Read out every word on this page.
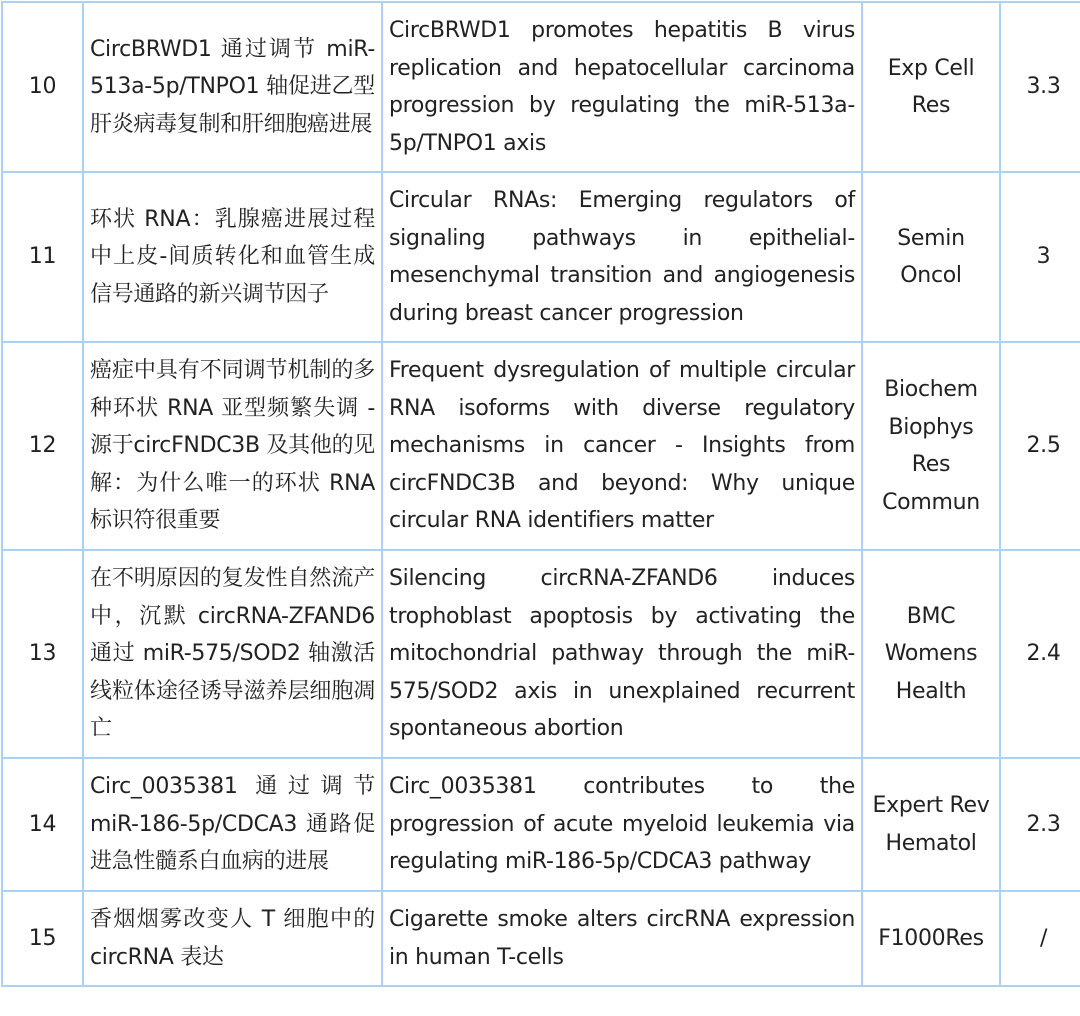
10	CircBRWD1 通过调节 miR-513a-5p/TNPO1 轴促进乙型肝炎病毒复制和肝细胞癌进展	CircBRWD1 promotes hepatitis B virus replication and hepatocellular carcinoma progression by regulating the miR-513a-5p/TNPO1 axis	Exp Cell Res	3.3
11	环状 RNA：乳腺癌进展过程中上皮-间质转化和血管生成信号通路的新兴调节因子	Circular RNAs: Emerging regulators of signaling pathways in epithelial-mesenchymal transition and angiogenesis during breast cancer progression	Semin Oncol	3
12	癌症中具有不同调节机制的多种环状 RNA 亚型频繁失调 - 源于circFNDC3B 及其他的见解：为什么唯一的环状 RNA 标识符很重要	Frequent dysregulation of multiple circular RNA isoforms with diverse regulatory mechanisms in cancer - Insights from circFNDC3B and beyond: Why unique circular RNA identifiers matter	Biochem Biophys Res Commun	2.5
13	在不明原因的复发性自然流产中，沉默 circRNA-ZFAND6 通过 miR-575/SOD2 轴激活线粒体途径诱导滋养层细胞凋亡	Silencing circRNA-ZFAND6 induces trophoblast apoptosis by activating the mitochondrial pathway through the miR-575/SOD2 axis in unexplained recurrent spontaneous abortion	BMC Womens Health	2.4
14	Circ_0035381 通过调节 miR-186-5p/CDCA3 通路促进急性髓系白血病的进展	Circ_0035381 contributes to the progression of acute myeloid leukemia via regulating miR-186-5p/CDCA3 pathway	Expert Rev Hematol	2.3
15	香烟烟雾改变人 T 细胞中的 circRNA 表达	Cigarette smoke alters circRNA expression in human T-cells	F1000Res	/
